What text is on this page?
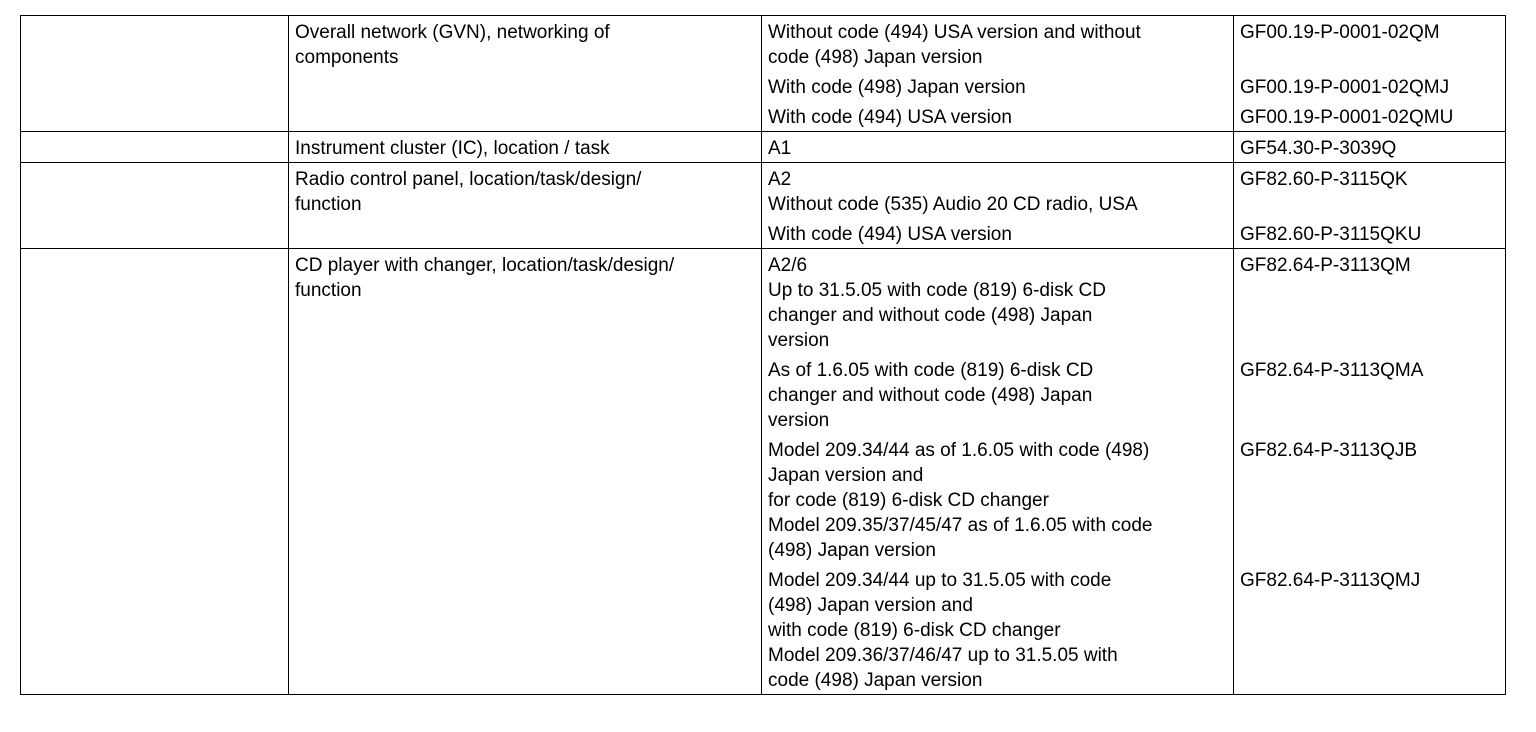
	Overall network (GVN), networking of
components	Without code (494) USA version and without
code (498) Japan version	GF00.19-P-0001-02QM
		With code (498) Japan version	GF00.19-P-0001-02QMJ
		With code (494) USA version	GF00.19-P-0001-02QMU
	Instrument cluster (IC), location / task	A1	GF54.30-P-3039Q
	Radio control panel, location/task/design/
function	A2
Without code (535) Audio 20 CD radio, USA	GF82.60-P-3115QK
		With code (494) USA version	GF82.60-P-3115QKU
	CD player with changer, location/task/design/
function	A2/6
Up to 31.5.05 with code (819) 6-disk CD
changer and without code (498) Japan
version	GF82.64-P-3113QM
		As of 1.6.05 with code (819) 6-disk CD
changer and without code (498) Japan
version	GF82.64-P-3113QMA
		Model 209.34/44 as of 1.6.05 with code (498)
Japan version and
for code (819) 6-disk CD changer
Model 209.35/37/45/47 as of 1.6.05 with code
(498) Japan version	GF82.64-P-3113QJB
		Model 209.34/44 up to 31.5.05 with code
(498) Japan version and
with code (819) 6-disk CD changer
Model 209.36/37/46/47 up to 31.5.05 with
code (498) Japan version	GF82.64-P-3113QMJ
